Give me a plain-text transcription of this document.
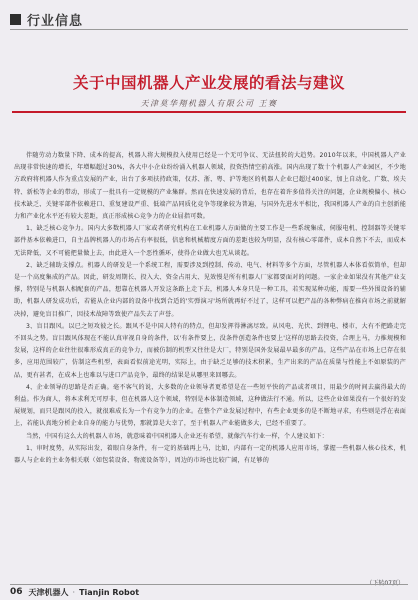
行业信息
关于中国机器人产业发展的看法与建议
天津莫华翔机器人有限公司 王赛

伴随劳动力数量下降、成本的提高，机器人将大规模投入使用已经是一个无可争议、无法扭转的大趋势。2010年以来，中国机器人产业出现非常快速的增长，年增幅超过30%，各大中小企业纷纷涌入机器人领域，投资热情空前高涨。国内出现了数十个机器人产业园区，不少地方政府将机器人作为重点发展的产业，出台了多项扶持政策，仅苏、浙、粤、沪等地区的机器人企业已超过400家，加上自动化、广数、埃夫特、新松等企业的带动，形成了一批具有一定规模的产业集群。然而在快速发展的背后，也存在着许多值得关注的问题，企业规模偏小、核心技术缺乏、关键零部件依赖进口、重复建设严重、低端产品同质化竞争等现象较为普遍，与国外先进水平相比，我国机器人产业的自主创新能力和产业化水平还有较大差距，真正形成核心竞争力的企业屈指可数。

1、缺乏核心竞争力。国内大多数机器人厂家或者研究机构在工业机器人方面做的主要工作是一些系统集成，伺服电机、控制器等关键零部件基本依赖进口，自主品牌机器人的市场占有率很低，信息和机械精度方面的差距也较为明显，没有核心零部件，成本自然下不去，而成本无法降低，又不可能把量做上去，由此进入一个恶性循环，使得企业做大也无从谈起。

2、缺乏辅助支撑点。机器人的研发是一个系统工程，需要涉及到控制、传动、电气、材料等多个方面，尽管机器人本体看似简单，但却是一个高度集成的产品。因此，研发周期长、投入大、资金占用大、见效慢是所有机器人厂家都要面对的问题。一家企业如果没有其他产业支撑，特别是与机器人相配套的产品，想靠在机器人开发这条路上走下去，机器人本身只是一种工具，若实现某种功能，需要一些外围设备的辅助，机器人研发成功后，若能从企业内部的设备中找到合适的'实弹演习'场所就再好不过了，这样可以把产品的各种弊病在推向市场之前就解决掉，避免盲目推广，因技术故障等致使产品失去了声誉。

3、盲目跟风。以已之短攻彼之长。跟风不是中国人特有的特点，但却发挥得淋漓尽致。从风电、光伏、到锂电、楼市，大有不把路走完不回头之势。盲目跟风体现在不能认真审视自身的条件，以'有条件要上，没条件创造条件也要上'这样的思路去投资，合理上马，力推规模和发展，这样的企业往往很难形成真正的竞争力，而被仿制的机型又往往是大厂，特别是国外发展最早最多的产品，这些产品在市场上已存在很多，应用范围较广，仿制这些机型，表面看似前途光明，实际上，由于缺乏足够的技术积累，生产出来的产品在质量与性能上不如原装的产品，更有甚者，在成本上也难以与进口产品竞争，最终的结果是从哪里来回哪去。

4、企业领导的思路是否正确。毫不客气的说，大多数的企业领导者更希望是在一些短平快的产品或者项目，用最少的时间去赢得最大的利益。作为商人，将本求利无可厚非，但在机器人这个领域，特别是本体制造领域，这种做法行不通。所以，这些企业如果没有一个很好的发展规划，而只是跟风的投入，就很难成长为一个有竞争力的企业。在整个产业发展过程中，有些企业更多的是不断地寻求，有些则是浮在表面上，若能认真地分析企业自身的能力与优势，那就算是大幸了，至于机器人产业能做多大，已经不重要了。

当然，中国有这么大的机器人市场，就意味着中国机器人企业还有希望，就像汽车行业一样，个人建议如下：

1、审时度势，从实际出发，着眼自身条件，有一定的基础再上马，比如，内部有一定的机器人应用市场，掌握一些机器人核心技术，机器人与企业的主业务相关联（如包装设备、物流设备等），周边的市场也比较广阔，有足够的

（下转07页）
06 天津机器人 · Tianjin Robot
